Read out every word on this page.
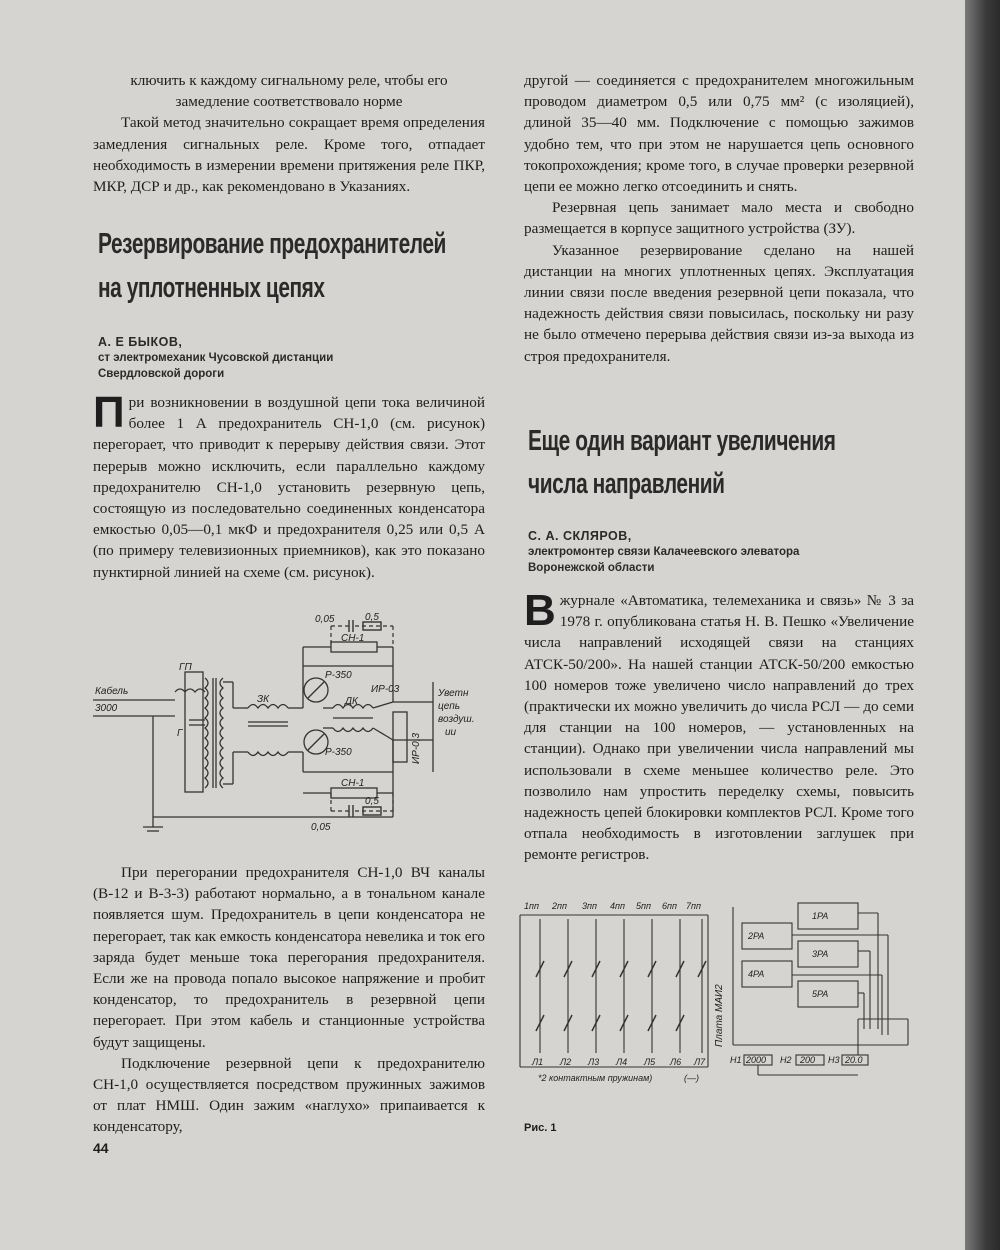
ключить к каждому сигнальному реле, чтобы его замедление соответствовало норме

Такой метод значительно сокращает время определения замедления сигнальных реле. Кроме того, отпадает необходимость в измерении времени притяжения реле ПКР, МКР, ДСР и др., как рекомендовано в Указаниях.

Резервирование предохранителей
на уплотненных цепях
А. Е БЫКОВ,
ст электромеханик Чусовской дистанции
Свердловской дороги

При возникновении в воздушной цепи тока величиной более 1 А предохранитель СН-1,0 (см. рисунок) перегорает, что приводит к перерыву действия связи. Этот перерыв можно исключить, если параллельно каждому предохранителю СН-1,0 установить резервную цепь, состоящую из последовательно соединенных конденсатора емкостью 0,05—0,1 мкФ и предохранителя 0,25 или 0,5 А (по примеру телевизионных приемников), как это показано пунктирной линией на схеме (см. рисунок).

0,05	0,5
СН-1
ГП
Кабель
3000
Г
ЗК
Р-350
ИР-03
ДК
Уветн
цепь
воздуш.
ии
ИР-0,3
Р-350
СН-1
0,5
0,05

При перегорании предохранителя СН-1,0 ВЧ каналы (В-12 и В-3-3) работают нормально, а в тональном канале появляется шум. Предохранитель в цепи конденсатора не перегорает, так как емкость конденсатора невелика и ток его заряда будет меньше тока перегорания предохранителя. Если же на провода попало высокое напряжение и пробит конденсатор, то предохранитель в резервной цепи перегорает. При этом кабель и станционные устройства будут защищены.

Подключение резервной цепи к предохранителю СН-1,0 осуществляется посредством пружинных зажимов от плат НМШ. Один зажим «наглухо» припаивается к конденсатору,

44

другой — соединяется с предохранителем многожильным проводом диаметром 0,5 или 0,75 мм² (с изоляцией), длиной 35—40 мм. Подключение с помощью зажимов удобно тем, что при этом не нарушается цепь основного токопрохождения; кроме того, в случае проверки резервной цепи ее можно легко отсоединить и снять.

Резервная цепь занимает мало места и свободно размещается в корпусе защитного устройства (ЗУ).

Указанное резервирование сделано на нашей дистанции на многих уплотненных цепях. Эксплуатация линии связи после введения резервной цепи показала, что надежность действия связи повысилась, поскольку ни разу не было отмечено перерыва действия связи из-за выхода из строя предохранителя.

Еще один вариант увеличения
числа направлений
С. А. СКЛЯРОВ,
электромонтер связи Калачеевского элеватора
Воронежской области

Вжурнале «Автоматика, телемеханика и связь» № 3 за 1978 г. опубликована статья Н. В. Пешко «Увеличение числа направлений исходящей связи на станциях АТСК-50/200». На нашей станции АТСК-50/200 емкостью 100 номеров тоже увеличено число направлений до трех (практически их можно увеличить до числа РСЛ — до семи для станции на 100 номеров, — установленных на станции). Однако при увеличении числа направлений мы использовали в схеме меньшее количество реле. Это позволило нам упростить переделку схемы, повысить надежность цепей блокировки комплектов РСЛ. Кроме того отпала необходимость в изготовлении заглушек при ремонте регистров.

1пп 2пп 3пп 4пп 5пп 6пп 7пп
Л1 Л2 Л3 Л4 Л5 Л6 Л7
Плата МАИ2
*2 контактным пружинам)	(—)
1РА
2РА
3РА
4РА
5РА
Н1 2000 Н2 200 Н3 20.0
Рис. 1
